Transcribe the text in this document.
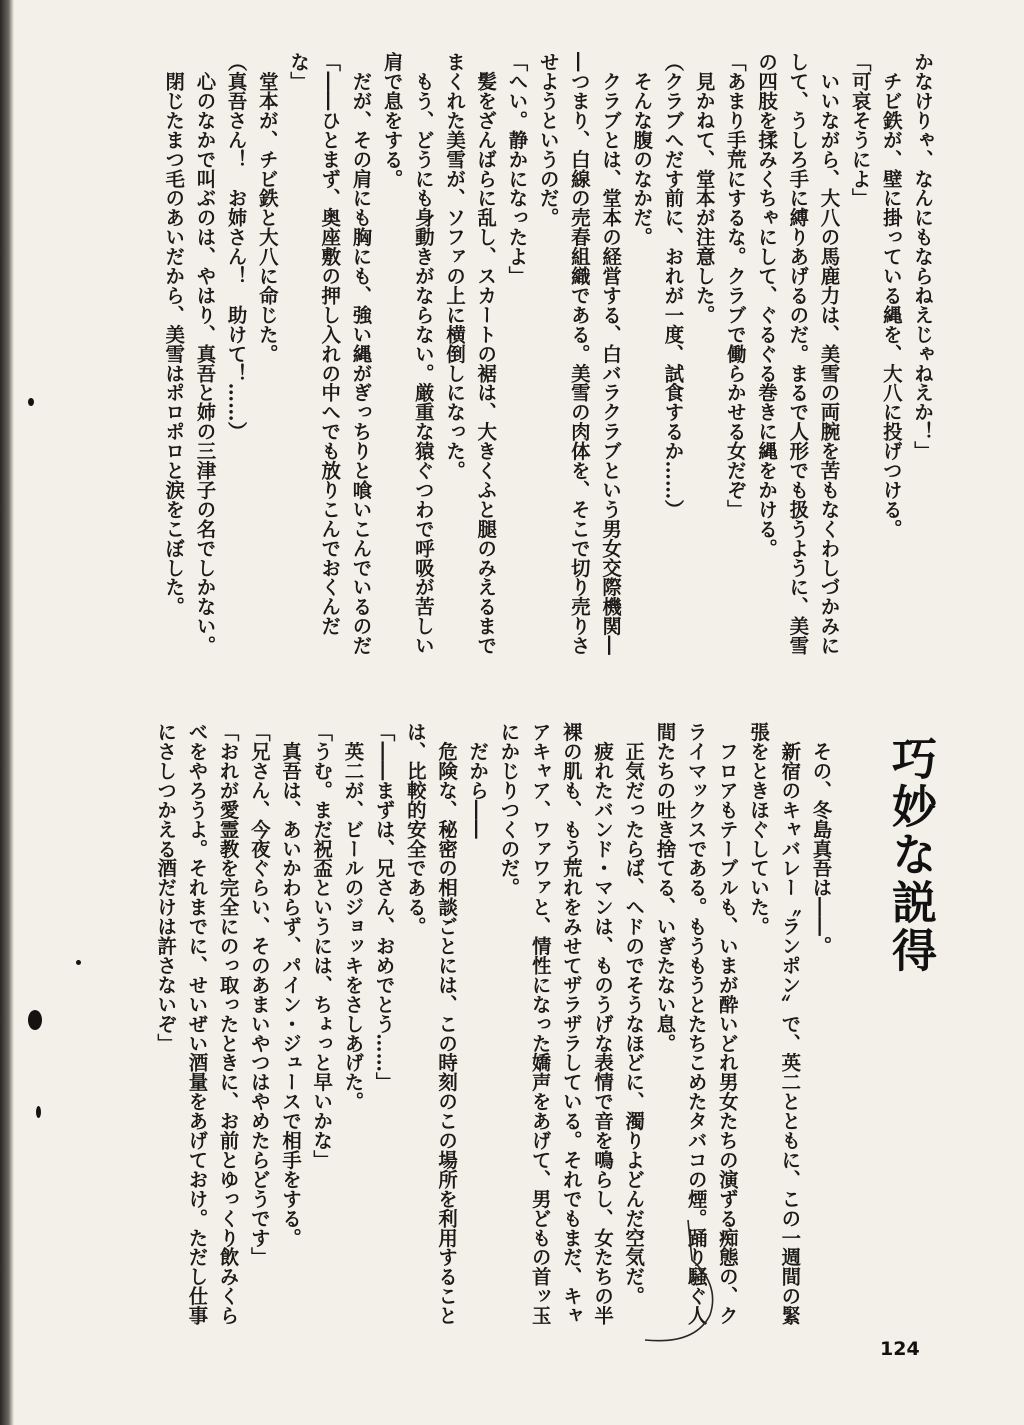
かなけりゃ、なんにもならねえじゃねえか！」

　チビ鉄が、壁に掛っている縄を、大八に投げつける。

「可哀そうによ」

　いいながら、大八の馬鹿力は、美雪の両腕を苦もなくわしづかみに

して、うしろ手に縛りあげるのだ。まるで人形でも扱うように、美雪

の四肢を揉みくちゃにして、ぐるぐる巻きに縄をかける。

「あまり手荒にするな。クラブで働らかせる女だぞ」

　見かねて、堂本が注意した。

（クラブへだす前に、おれが一度、試食するか……）

　そんな腹のなかだ。

　クラブとは、堂本の経営する、白バラクラブという男女交際機関―

―つまり、白線の売春組織である。美雪の肉体を、そこで切り売りさ

せようというのだ。

「へい。静かになったよ」

　髪をざんばらに乱し、スカートの裾は、大きくふと腿のみえるまで

まくれた美雪が、ソファの上に横倒しになった。

　もう、どうにも身動きがならない。厳重な猿ぐつわで呼吸が苦しい

肩で息をする。

　だが、その肩にも胸にも、強い縄がぎっちりと喰いこんでいるのだ

「――ひとまず、奥座敷の押し入れの中へでも放りこんでおくんだ

な」

　堂本が、チビ鉄と大八に命じた。

（真吾さん！　お姉さん！　助けて！……）

　心のなかで叫ぶのは、やはり、真吾と姉の三津子の名でしかない。

　閉じたまつ毛のあいだから、美雪はポロポロと涙をこぼした。

巧妙な説得

　その、冬島真吾は――。

　新宿のキャバレー〝ランポン〟で、英二とともに、この一週間の緊

張をときほぐしていた。

　フロアもテーブルも、いまが酔いどれ男女たちの演ずる痴態の、ク

ライマックスである。もうもうとたちこめたタバコの煙。踊り騒ぐ人

間たちの吐き捨てる、いぎたない息。

　正気だったらば、ヘドのでそうなほどに、濁りよどんだ空気だ。

　疲れたバンド・マンは、ものうげな表情で音を鳴らし、女たちの半

裸の肌も、もう荒れをみせてザラザラしている。それでもまだ、キャ

アキャア、ワァワァと、情性になった嬌声をあげて、男どもの首ッ玉

にかじりつくのだ。

　だから――

　危険な、秘密の相談ごとには、この時刻のこの場所を利用すること

は、比較的安全である。

「――まずは、兄さん、おめでとう……」

　英二が、ビールのジョッキをさしあげた。

「うむ。まだ祝盃というには、ちょっと早いかな」

　真吾は、あいかわらず、パイン・ジュースで相手をする。

「兄さん、今夜ぐらい、そのあまいやつはやめたらどうです」

「おれが愛霊教を完全にのっ取ったときに、お前とゆっくり飲みくら

べをやろうよ。それまでに、せいぜい酒量をあげておけ。ただし仕事

にさしつかえる酒だけは許さないぞ」

124
